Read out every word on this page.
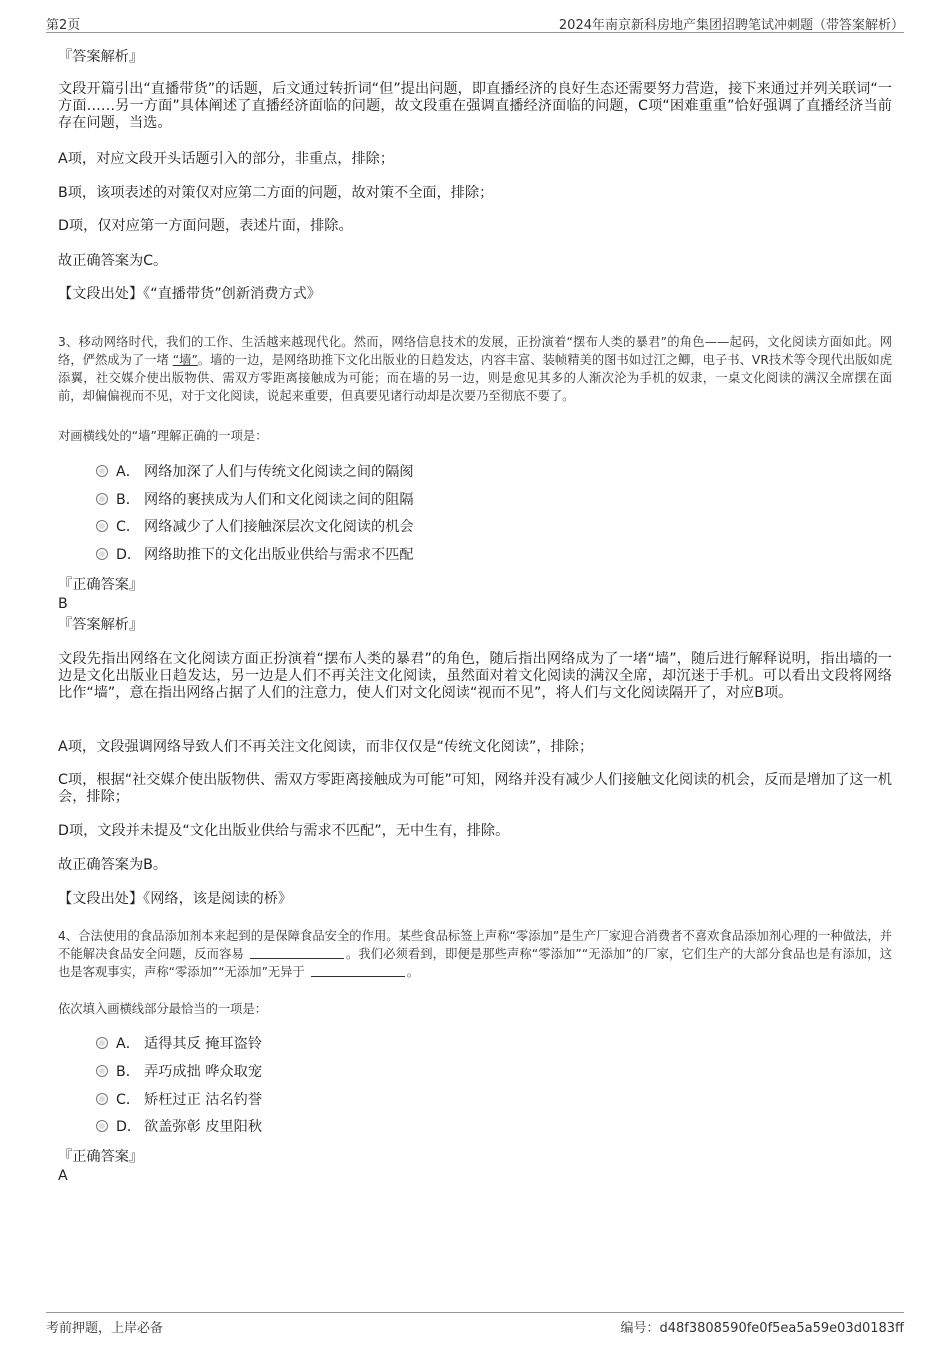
第2页	2024年南京新科房地产集团招聘笔试冲刺题（带答案解析）
『答案解析』
文段开篇引出“直播带货”的话题，后文通过转折词“但”提出问题，即直播经济的良好生态还需要努力营造，接下来通过并列关联词“一方面……另一方面”具体阐述了直播经济面临的问题，故文段重在强调直播经济面临的问题，C项“困难重重”恰好强调了直播经济当前存在问题，当选。
A项，对应文段开头话题引入的部分，非重点，排除；
B项，该项表述的对策仅对应第二方面的问题，故对策不全面，排除；
D项，仅对应第一方面问题，表述片面，排除。
故正确答案为C。
【文段出处】《“直播带货”创新消费方式》
3、移动网络时代，我们的工作、生活越来越现代化。然而，网络信息技术的发展，正扮演着“摆布人类的暴君”的角色——起码，文化阅读方面如此。网络，俨然成为了一堵 “墙”。墙的一边，是网络助推下文化出版业的日趋发达，内容丰富、装帧精美的图书如过江之鲫，电子书、VR技术等令现代出版如虎添翼，社交媒介使出版物供、需双方零距离接触成为可能；而在墙的另一边，则是愈见其多的人渐次沦为手机的奴隶，一桌文化阅读的满汉全席摆在面前，却偏偏视而不见，对于文化阅读，说起来重要，但真要见诸行动却是次要乃至彻底不要了。
对画横线处的“墙”理解正确的一项是：
A． 网络加深了人们与传统文化阅读之间的隔阂
B． 网络的裹挟成为人们和文化阅读之间的阻隔
C． 网络减少了人们接触深层次文化阅读的机会
D． 网络助推下的文化出版业供给与需求不匹配
『正确答案』
B
『答案解析』
文段先指出网络在文化阅读方面正扮演着“摆布人类的暴君”的角色，随后指出网络成为了一堵“墙”，随后进行解释说明，指出墙的一边是文化出版业日趋发达，另一边是人们不再关注文化阅读，虽然面对着文化阅读的满汉全席，却沉迷于手机。可以看出文段将网络比作“墙”，意在指出网络占据了人们的注意力，使人们对文化阅读“视而不见”，将人们与文化阅读隔开了，对应B项。
A项，文段强调网络导致人们不再关注文化阅读，而非仅仅是“传统文化阅读”，排除；
C项，根据“社交媒介使出版物供、需双方零距离接触成为可能”可知，网络并没有减少人们接触文化阅读的机会，反而是增加了这一机会，排除；
D项，文段并未提及“文化出版业供给与需求不匹配”，无中生有，排除。
故正确答案为B。
【文段出处】《网络，该是阅读的桥》
4、合法使用的食品添加剂本来起到的是保障食品安全的作用。某些食品标签上声称“零添加”是生产厂家迎合消费者不喜欢食品添加剂心理的一种做法，并不能解决食品安全问题，反而容易	。我们必须看到，即便是那些声称“零添加”“无添加”的厂家，它们生产的大部分食品也是有添加，这也是客观事实，声称“零添加”“无添加”无异于	。
依次填入画横线部分最恰当的一项是：
A． 适得其反 掩耳盗铃
B． 弄巧成拙 哗众取宠
C． 矫枉过正 沽名钓誉
D． 欲盖弥彰 皮里阳秋
『正确答案』
A
考前押题，上岸必备	编号：d48f3808590fe0f5ea5a59e03d0183ff
